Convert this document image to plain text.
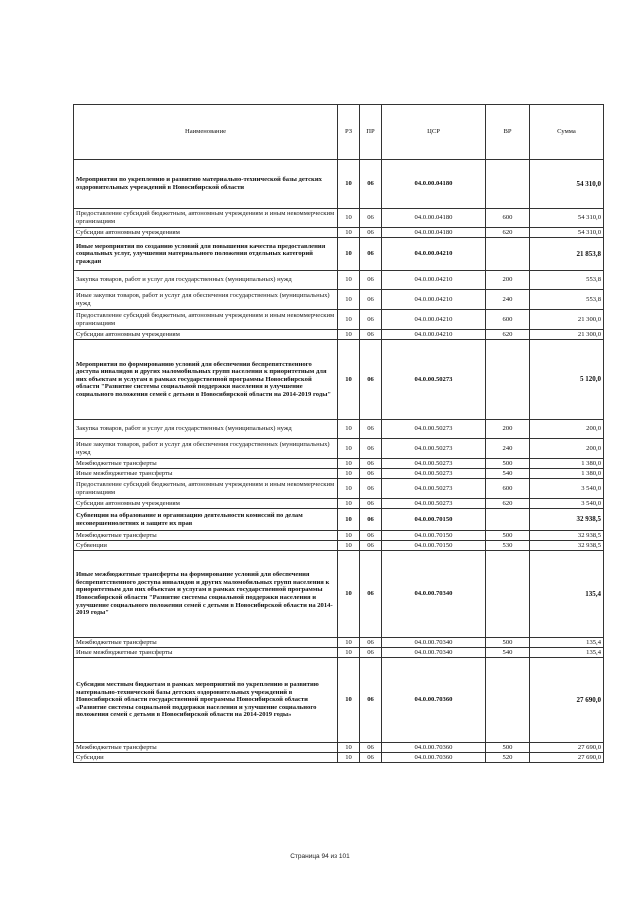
Наименование	РЗ	ПР	ЦСР	ВР	Сумма
Мероприятия по укреплению и развитию материально-технической базы детских оздоровительных учреждений в Новосибирской области	10	06	04.0.00.04180		54 310,0
Предоставление субсидий бюджетным, автономным учреждениям и иным некоммерческим организациям	10	06	04.0.00.04180	600	54 310,0
Субсидии автономным учреждениям	10	06	04.0.00.04180	620	54 310,0
Иные мероприятия по созданию условий для повышения качества предоставления социальных услуг, улучшения материального положения отдельных категорий граждан	10	06	04.0.00.04210		21 853,8
Закупка товаров, работ и услуг для государственных (муниципальных) нужд	10	06	04.0.00.04210	200	553,8
Иные закупки товаров, работ и услуг для обеспечения государственных (муниципальных) нужд	10	06	04.0.00.04210	240	553,8
Предоставление субсидий бюджетным, автономным учреждениям и иным некоммерческим организациям	10	06	04.0.00.04210	600	21 300,0
Субсидии автономным учреждениям	10	06	04.0.00.04210	620	21 300,0
Мероприятия по формированию условий для обеспечения беспрепятственного доступа инвалидов и других маломобильных групп населения к приоритетным для них объектам и услугам в рамках государственной программы Новосибирской области "Развитие системы социальной поддержки населения и улучшение социального положения семей с детьми в Новосибирской области на 2014-2019 годы"	10	06	04.0.00.50273		5 120,0
Закупка товаров, работ и услуг для государственных (муниципальных) нужд	10	06	04.0.00.50273	200	200,0
Иные закупки товаров, работ и услуг для обеспечения государственных (муниципальных) нужд	10	06	04.0.00.50273	240	200,0
Межбюджетные трансферты	10	06	04.0.00.50273	500	1 380,0
Иные межбюджетные трансферты	10	06	04.0.00.50273	540	1 380,0
Предоставление субсидий бюджетным, автономным учреждениям и иным некоммерческим организациям	10	06	04.0.00.50273	600	3 540,0
Субсидии автономным учреждениям	10	06	04.0.00.50273	620	3 540,0
Субвенции на образование и организацию деятельности комиссий по делам несовершеннолетних и защите их прав	10	06	04.0.00.70150		32 938,5
Межбюджетные трансферты	10	06	04.0.00.70150	500	32 938,5
Субвенции	10	06	04.0.00.70150	530	32 938,5
Иные межбюджетные трансферты на формирование условий для обеспечения беспрепятственного доступа инвалидов и других маломобильных групп населения к приоритетным для них объектам и услугам в рамках государственной программы Новосибирской области "Развитие системы социальной поддержки населения и улучшение социального положения семей с детьми в Новосибирской области на 2014-2019 годы"	10	06	04.0.00.70340		135,4
Межбюджетные трансферты	10	06	04.0.00.70340	500	135,4
Иные межбюджетные трансферты	10	06	04.0.00.70340	540	135,4
Субсидии местным бюджетам в рамках мероприятий по укреплению и развитию материально-технической базы детских оздоровительных учреждений в Новосибирской области государственной программы Новосибирской области «Развитие системы социальной поддержки населения и улучшение социального положения семей с детьми в Новосибирской области на 2014-2019 годы»	10	06	04.0.00.70360		27 690,0
Межбюджетные трансферты	10	06	04.0.00.70360	500	27 690,0
Субсидии	10	06	04.0.00.70360	520	27 690,0
Страница 94 из 101
